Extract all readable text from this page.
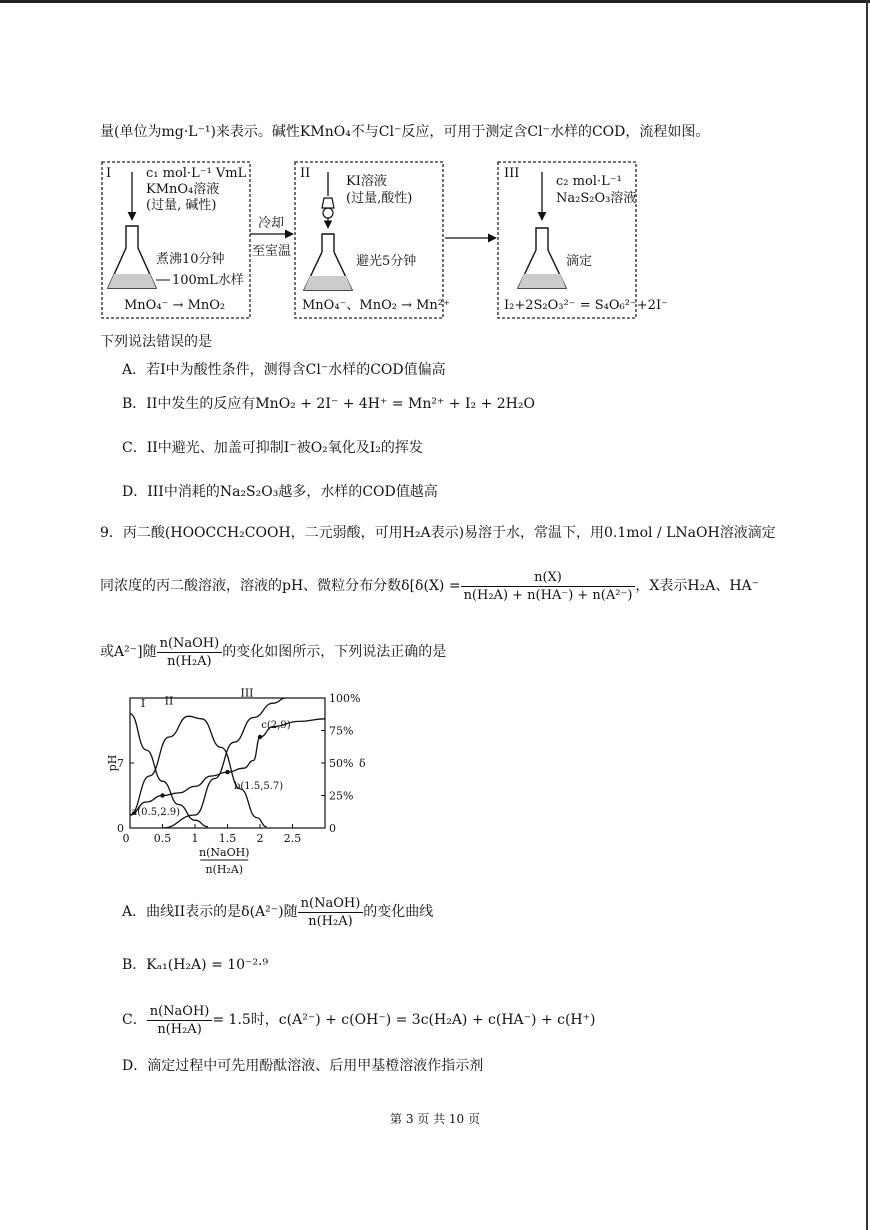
量(单位为mg·L⁻¹)来表示。碱性KMnO₄不与Cl⁻反应，可用于测定含Cl⁻水样的COD，流程如图。
I	c₁ mol·L⁻¹ VmL
KMnO₄溶液
(过量, 碱性)
煮沸10分钟
100mL水样
MnO₄⁻ → MnO₂
冷却
至室温
II
KI溶液
(过量,酸性)
避光5分钟
MnO₄⁻、MnO₂ → Mn²⁺
III
c₂ mol·L⁻¹
Na₂S₂O₃溶液
滴定
I₂+2S₂O₃²⁻ = S₄O₆²⁻+2I⁻
下列说法错误的是
A．若I中为酸性条件，测得含Cl⁻水样的COD值偏高
B．II中发生的反应有MnO₂ + 2I⁻ + 4H⁺ = Mn²⁺ + I₂ + 2H₂O
C．II中避光、加盖可抑制I⁻被O₂氧化及I₂的挥发
D．III中消耗的Na₂S₂O₃越多，水样的COD值越高
9．丙二酸(HOOCCH₂COOH，二元弱酸，可用H₂A表示)易溶于水，常温下，用0.1mol / LNaOH溶液滴定
同浓度的丙二酸溶液，溶液的pH、微粒分布分数$\delta[\delta(X) = \frac{n(X)}{\text{n(H₂A) + n(HA⁻) + n(A²⁻)}}$ ，X表示H₂A、HA⁻
或A²⁻]随 $\frac{\text{n(NaOH)}}{\text{n(H₂A)}}$ 的变化如图所示，下列说法正确的是
0 0.5 1 1.5 2 2.5
0
7
pH
0
25%
50%
75%
100%
δ
n(NaOH)
n(H₂A)
I II
III
a(0.5,2.9)
b(1.5,5.7)
c(2,9)
A．曲线II表示的是δ(A²⁻)随 $\frac{\text{n(NaOH)}}{\text{n(H₂A)}}$ 的变化曲线
B．Kₐ₁(H₂A) = 10⁻²·⁹
C． $\frac{\text{n(NaOH)}}{\text{n(H₂A)}} = 1.5$时，c(A²⁻) + c(OH⁻) = 3c(H₂A) + c(HA⁻) + c(H⁺)
D．滴定过程中可先用酚酞溶液、后用甲基橙溶液作指示剂
第 3 页 共 10 页
